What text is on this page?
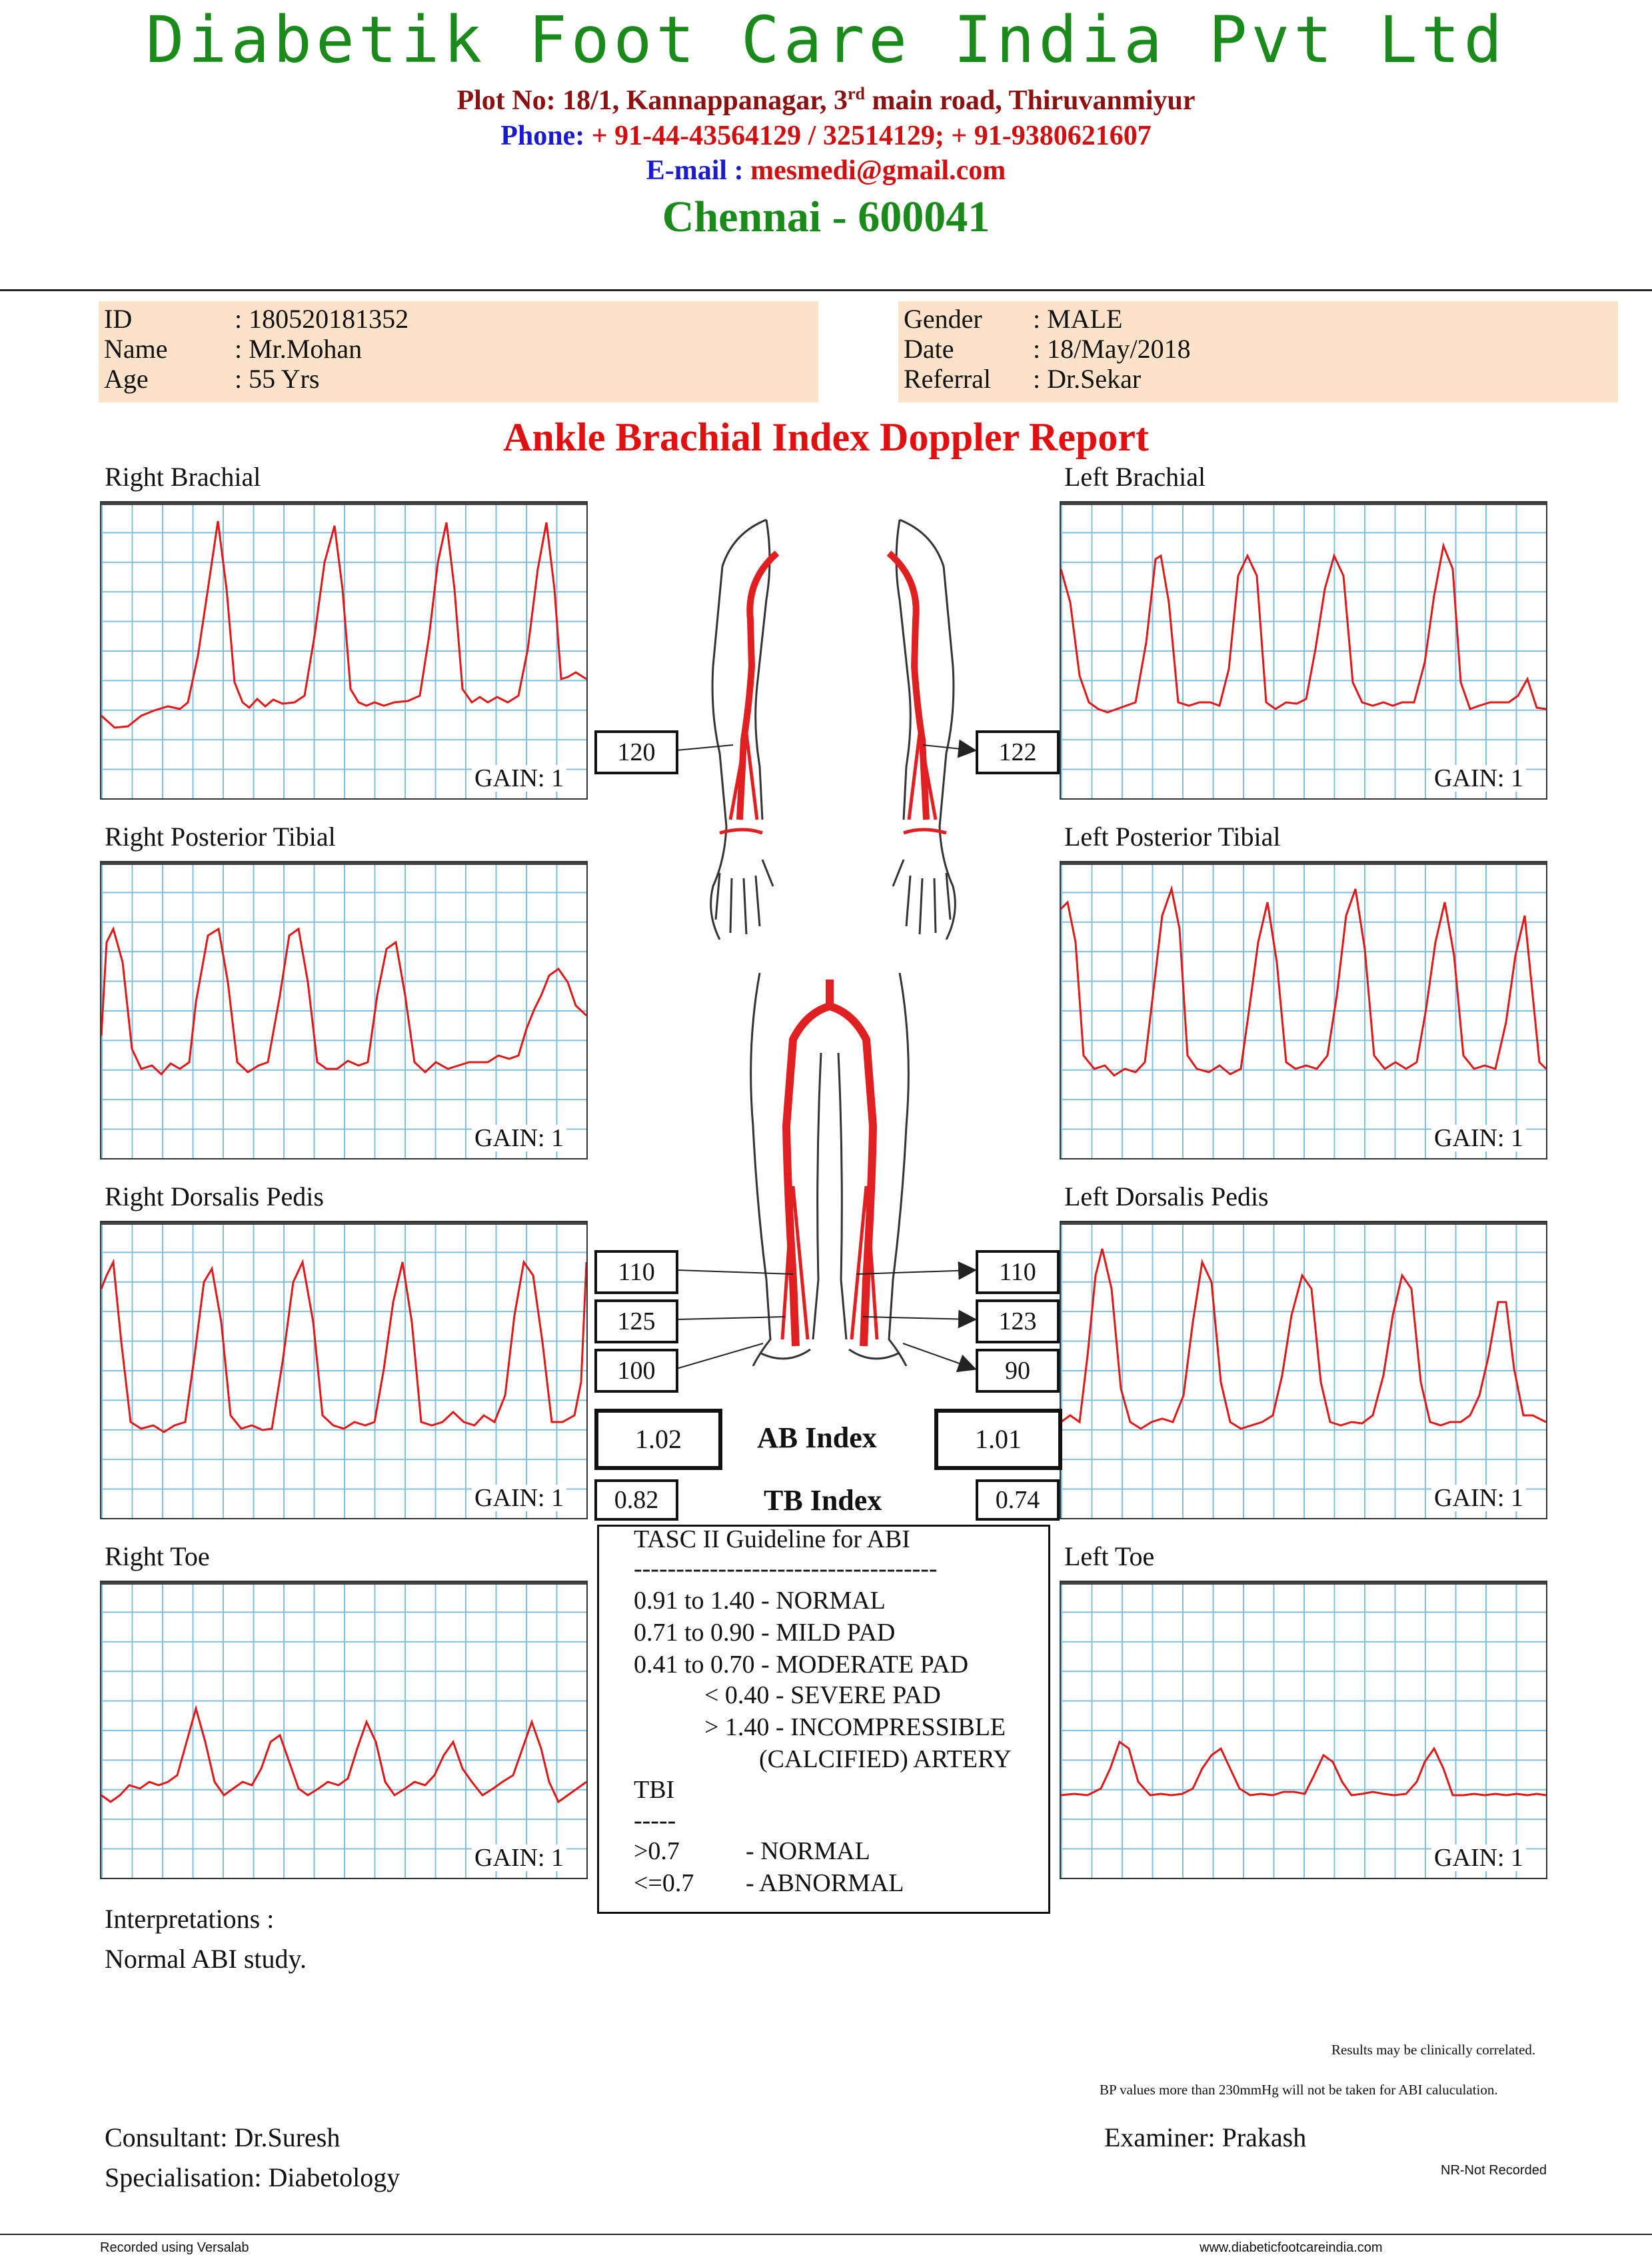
Diabetik Foot Care India Pvt Ltd
Plot No: 18/1, Kannappanagar, 3rd main road, Thiruvanmiyur
Phone: + 91-44-43564129 / 32514129; + 91-9380621607
E-mail : mesmedi@gmail.com
Chennai - 600041
ID	: 180520181352
Name	: Mr.Mohan
Age	: 55 Yrs
Gender : MALE
Date	: 18/May/2018
Referral : Dr.Sekar
Ankle Brachial Index Doppler Report
Right Brachial	Left Brachial
Right Posterior Tibial	Left Posterior Tibial
Right Dorsalis Pedis	Left Dorsalis Pedis
Right Toe	Left Toe
GAIN: 1	GAIN: 1
GAIN: 1	GAIN: 1
GAIN: 1	GAIN: 1
GAIN: 1	GAIN: 1
120	122
110	110
125	123
100	90
1.02	AB Index	1.01
0.82	TB Index	0.74
TASC II Guideline for ABI
------------------------------------
0.91 to 1.40 - NORMAL
0.71 to 0.90 - MILD PAD
0.41 to 0.70 - MODERATE PAD
< 0.40 - SEVERE PAD
> 1.40 - INCOMPRESSIBLE
(CALCIFIED) ARTERY
TBI
-----
>0.7	- NORMAL
<=0.7 - ABNORMAL
Interpretations :
Normal ABI study.
Results may be clinically correlated.
BP values more than 230mmHg will not be taken for ABI caluculation.
Consultant: Dr.Suresh
Specialisation: Diabetology
Examiner: Prakash
NR-Not Recorded
Recorded using Versalab	www.diabeticfootcareindia.com
